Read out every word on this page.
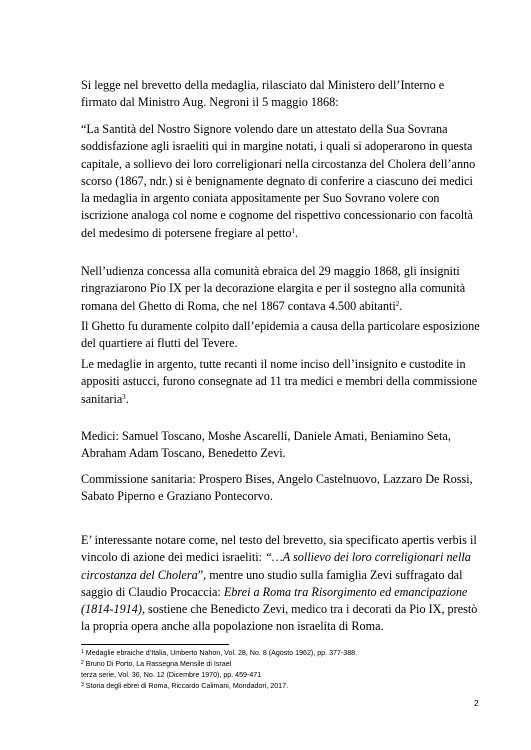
Si legge nel brevetto della medaglia, rilasciato dal Ministero dell’Interno e firmato dal Ministro Aug. Negroni il 5 maggio 1868:

“La Santità del Nostro Signore volendo dare un attestato della Sua Sovrana soddisfazione agli israeliti qui in margine notati, i quali si adoperarono in questa capitale, a sollievo dei loro correligionari nella circostanza del Cholera dell’anno scorso (1867, ndr.) si è benignamente degnato di conferire a ciascuno dei medici la medaglia in argento coniata appositamente per Suo Sovrano volere con iscrizione analoga col nome e cognome del rispettivo concessionario con facoltà del medesimo di potersene fregiare al petto$^1$.

Nell’udienza concessa alla comunità ebraica del 29 maggio 1868, gli insigniti ringraziarono Pio IX per la decorazione elargita e per il sostegno alla comunità romana del Ghetto di Roma, che nel 1867 contava 4.500 abitanti$^2$.

Il Ghetto fu duramente colpito dall’epidemia a causa della particolare esposizione del quartiere ai flutti del Tevere.

Le medaglie in argento, tutte recanti il nome inciso dell’insignito e custodite in appositi astucci, furono consegnate ad 11 tra medici e membri della commissione sanitaria$^3$.

Medici: Samuel Toscano, Moshe Ascarelli, Daniele Amati, Beniamino Seta, Abraham Adam Toscano, Benedetto Zevi.

Commissione sanitaria: Prospero Bises, Angelo Castelnuovo, Lazzaro De Rossi, Sabato Piperno e Graziano Pontecorvo.

E’ interessante notare come, nel testo del brevetto, sia specificato apertis verbis il vincolo di azione dei medici israeliti: “…A sollievo dei loro correligionari nella circostanza del Cholera”, mentre uno studio sulla famiglia Zevi suffragato dal saggio di Claudio Procaccia: Ebrei a Roma tra Risorgimento ed emancipazione (1814-1914), sostiene che Benedicto Zevi, medico tra i decorati da Pio IX, prestò la propria opera anche alla popolazione non israelita di Roma.

$^1$ Medaglie ebraiche d’Italia, Umberto Nahon, Vol. 28, No. 8 (Agosto 1962), pp. 377-388.

$^2$ Bruno Di Porto, La Rassegna Mensile di Israel

terza serie, Vol. 36, No. 12 (Dicembre 1970), pp. 459-471

$^3$ Storia degli ebrei di Roma, Riccardo Calimani, Mondadori, 2017.

2
